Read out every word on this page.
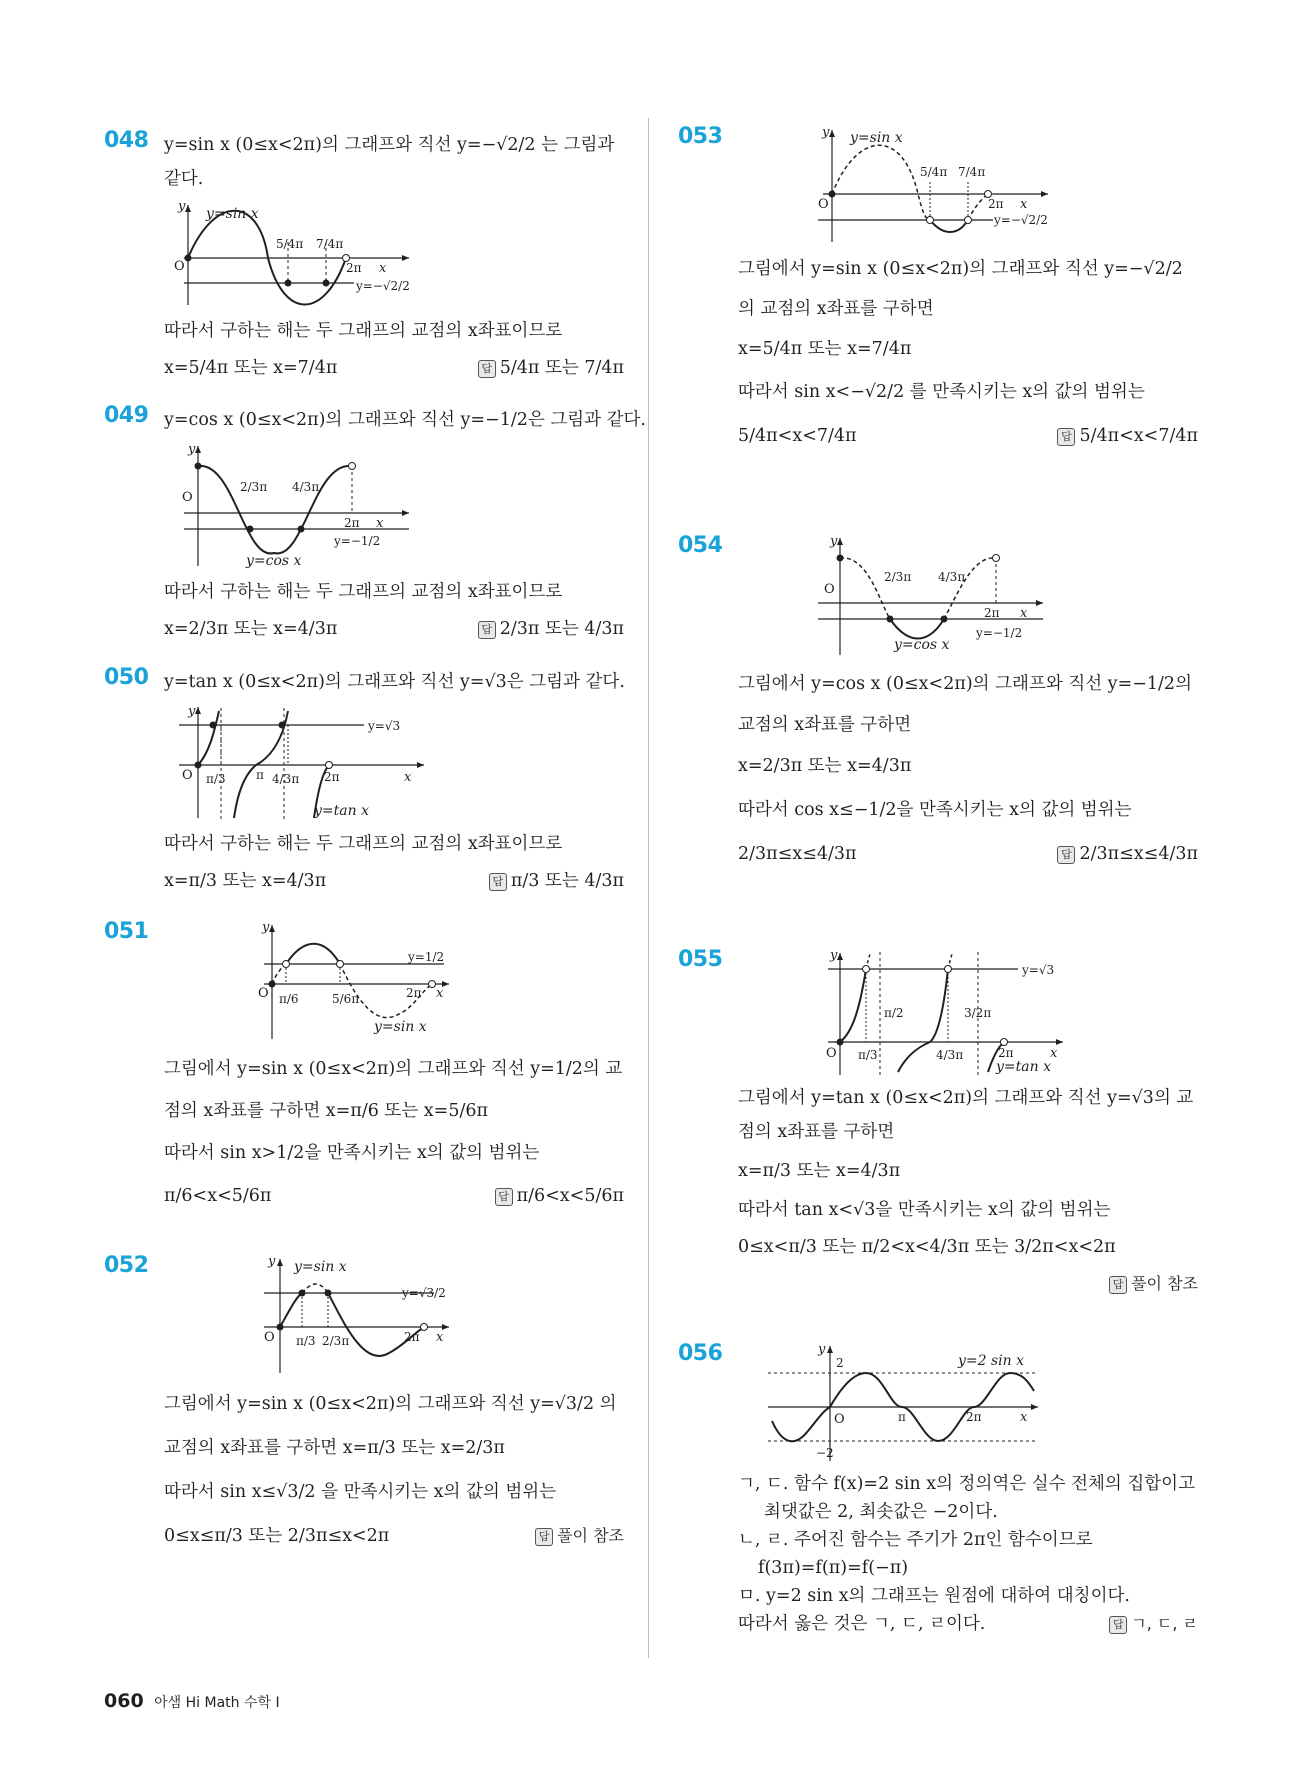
048 y=sin x (0≤x<2π)의 그래프와 직선 y=−√2/2 는 그림과
같다.
y y=sin x
O
5/4π 7/4π
2π x
y=−√2/2
따라서 구하는 해는 두 그래프의 교점의 x좌표이므로
x=5/4π 또는 x=7/4π	답 5/4π 또는 7/4π
049 y=cos x (0≤x<2π)의 그래프와 직선 y=−1/2은 그림과 같다.
y
O
2/3π 4/3π
2π x
y=−1/2
y=cos x
따라서 구하는 해는 두 그래프의 교점의 x좌표이므로
x=2/3π 또는 x=4/3π	답 2/3π 또는 4/3π
050 y=tan x (0≤x<2π)의 그래프와 직선 y=√3은 그림과 같다.
y
O π/3	π 4/3π 2π	x
y=√3
y=tan x
따라서 구하는 해는 두 그래프의 교점의 x좌표이므로
x=π/3 또는 x=4/3π	답 π/3 또는 4/3π
051	y
O π/6	5/6π	2π x
y=1/2
y=sin x
그림에서 y=sin x (0≤x<2π)의 그래프와 직선 y=1/2의 교
점의 x좌표를 구하면 x=π/6 또는 x=5/6π
따라서 sin x>1/2을 만족시키는 x의 값의 범위는
π/6<x<5/6π	답 π/6<x<5/6π
052	y y=sin x
O π/3 2/3π	2π x
y=√3/2
그림에서 y=sin x (0≤x<2π)의 그래프와 직선 y=√3/2 의
교점의 x좌표를 구하면 x=π/3 또는 x=2/3π
따라서 sin x≤√3/2 을 만족시키는 x의 값의 범위는
0≤x≤π/3 또는 2/3π≤x<2π	답 풀이 참조
053	y y=sin x
O
5/4π 7/4π
2π x
y=−√2/2
그림에서 y=sin x (0≤x<2π)의 그래프와 직선 y=−√2/2
의 교점의 x좌표를 구하면
x=5/4π 또는 x=7/4π
따라서 sin x<−√2/2 를 만족시키는 x의 값의 범위는
5/4π<x<7/4π	답 5/4π<x<7/4π
054	y
O
2/3π 4/3π
2π x
y=−1/2
y=cos x
그림에서 y=cos x (0≤x<2π)의 그래프와 직선 y=−1/2의
교점의 x좌표를 구하면
x=2/3π 또는 x=4/3π
따라서 cos x≤−1/2을 만족시키는 x의 값의 범위는
2/3π≤x≤4/3π	답 2/3π≤x≤4/3π
055	y
O π/3
π/2
4/3π
3/2π
2π	x
y=√3
y=tan x
그림에서 y=tan x (0≤x<2π)의 그래프와 직선 y=√3의 교
점의 x좌표를 구하면
x=π/3 또는 x=4/3π
따라서 tan x<√3을 만족시키는 x의 값의 범위는
0≤x<π/3 또는 π/2<x<4/3π 또는 3/2π<x<2π
답 풀이 참조
056	y
2
O	π	2π	x
−2
y=2 sin x
ㄱ, ㄷ. 함수 f(x)=2 sin x의 정의역은 실수 전체의 집합이고
최댓값은 2, 최솟값은 −2이다.
ㄴ, ㄹ. 주어진 함수는 주기가 2π인 함수이므로
f(3π)=f(π)=f(−π)
ㅁ. y=2 sin x의 그래프는 원점에 대하여 대칭이다.
따라서 옳은 것은 ㄱ, ㄷ, ㄹ이다.	답 ㄱ, ㄷ, ㄹ
060 아샘 Hi Math 수학 Ⅰ
